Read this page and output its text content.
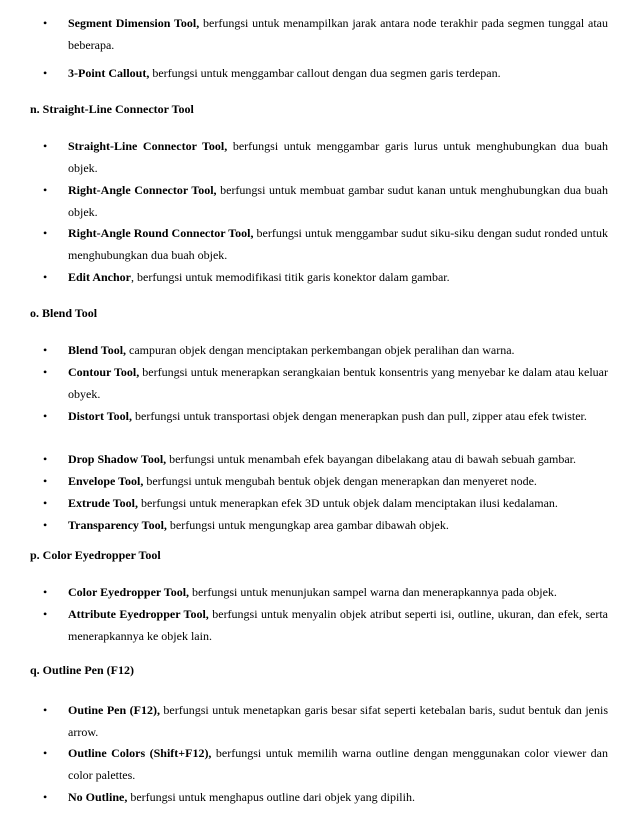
• Segment Dimension Tool, berfungsi untuk menampilkan jarak antara node terakhir pada segmen tunggal atau beberapa.
• 3-Point Callout, berfungsi untuk menggambar callout dengan dua segmen garis terdepan.
n. Straight-Line Connector Tool
• Straight-Line Connector Tool, berfungsi untuk menggambar garis lurus untuk menghubungkan dua buah objek.
• Right-Angle Connector Tool, berfungsi untuk membuat gambar sudut kanan untuk menghubungkan dua buah objek.
• Right-Angle Round Connector Tool, berfungsi untuk menggambar sudut siku-siku dengan sudut ronded untuk menghubungkan dua buah objek.
• Edit Anchor, berfungsi untuk memodifikasi titik garis konektor dalam gambar.
o. Blend Tool
• Blend Tool, campuran objek dengan menciptakan perkembangan objek peralihan dan warna.
• Contour Tool, berfungsi untuk menerapkan serangkaian bentuk konsentris yang menyebar ke dalam atau keluar obyek.
• Distort Tool, berfungsi untuk transportasi objek dengan menerapkan push dan pull, zipper atau efek twister.
• Drop Shadow Tool, berfungsi untuk menambah efek bayangan dibelakang atau di bawah sebuah gambar.
• Envelope Tool, berfungsi untuk mengubah bentuk objek dengan menerapkan dan menyeret node.
• Extrude Tool, berfungsi untuk menerapkan efek 3D untuk objek dalam menciptakan ilusi kedalaman.
• Transparency Tool, berfungsi untuk mengungkap area gambar dibawah objek.
p. Color Eyedropper Tool
• Color Eyedropper Tool, berfungsi untuk menunjukan sampel warna dan menerapkannya pada objek.
• Attribute Eyedropper Tool, berfungsi untuk menyalin objek atribut seperti isi, outline, ukuran, dan efek, serta menerapkannya ke objek lain.
q. Outline Pen (F12)
• Outine Pen (F12), berfungsi untuk menetapkan garis besar sifat seperti ketebalan baris, sudut bentuk dan jenis arrow.
• Outline Colors (Shift+F12), berfungsi untuk memilih warna outline dengan menggunakan color viewer dan color palettes.
• No Outline, berfungsi untuk menghapus outline dari objek yang dipilih.
